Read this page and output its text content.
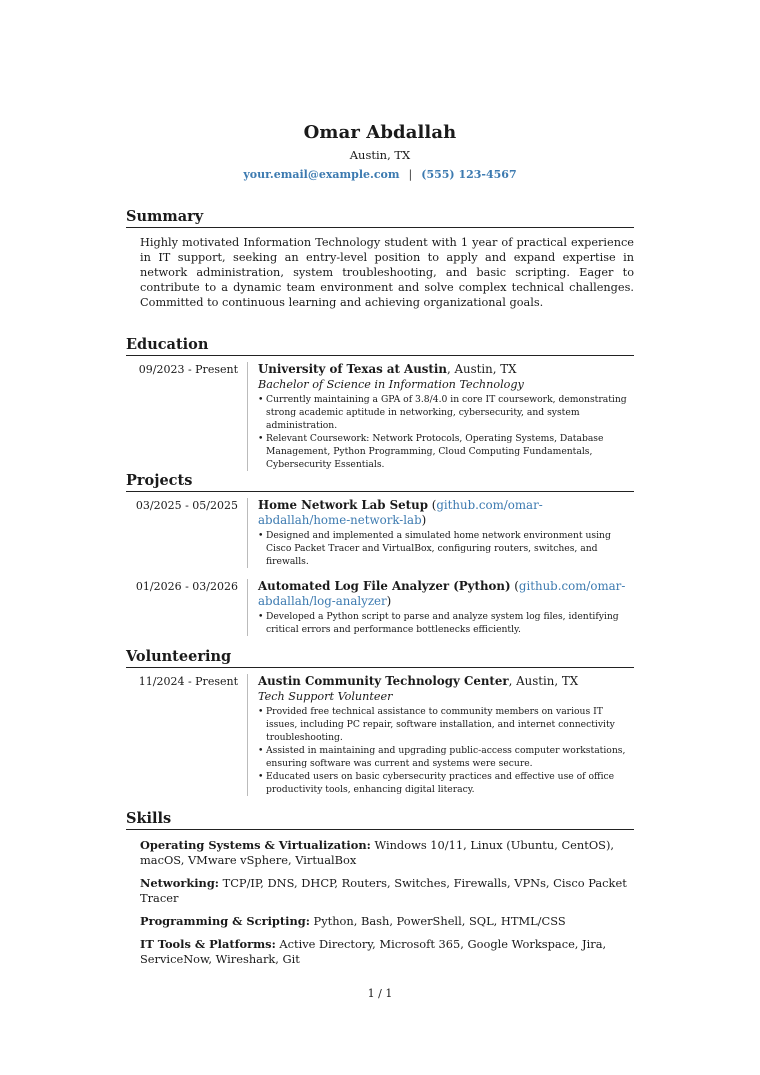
Omar Abdallah
Austin, TX
your.email@example.com | (555) 123-4567
Summary

Highly motivated Information Technology student with 1 year of practical experience in IT support, seeking an entry-level position to apply and expand expertise in network administration, system troubleshooting, and basic scripting. Eager to contribute to a dynamic team environment and solve complex technical challenges. Committed to continuous learning and achieving organizational goals.

Education
09/2023 - Present	University of Texas at Austin, Austin, TX
Bachelor of Science in Information Technology
• Currently maintaining a GPA of 3.8/4.0 in core IT coursework, demonstrating strong academic aptitude in networking, cybersecurity, and system administration.
• Relevant Coursework: Network Protocols, Operating Systems, Database Management, Python Programming, Cloud Computing Fundamentals, Cybersecurity Essentials.
Projects
03/2025 - 05/2025	Home Network Lab Setup (github.com/omar-abdallah/home-network-lab)
• Designed and implemented a simulated home network environment using Cisco Packet Tracer and VirtualBox, configuring routers, switches, and firewalls.
01/2026 - 03/2026	Automated Log File Analyzer (Python) (github.com/omar-abdallah/log-analyzer)
• Developed a Python script to parse and analyze system log files, identifying critical errors and performance bottlenecks efficiently.
Volunteering
11/2024 - Present	Austin Community Technology Center, Austin, TX
Tech Support Volunteer
• Provided free technical assistance to community members on various IT issues, including PC repair, software installation, and internet connectivity troubleshooting.
• Assisted in maintaining and upgrading public-access computer workstations, ensuring software was current and systems were secure.
• Educated users on basic cybersecurity practices and effective use of office productivity tools, enhancing digital literacy.
Skills
Operating Systems & Virtualization: Windows 10/11, Linux (Ubuntu, CentOS), macOS, VMware vSphere, VirtualBox
Networking: TCP/IP, DNS, DHCP, Routers, Switches, Firewalls, VPNs, Cisco Packet Tracer
Programming & Scripting: Python, Bash, PowerShell, SQL, HTML/CSS
IT Tools & Platforms: Active Directory, Microsoft 365, Google Workspace, Jira, ServiceNow, Wireshark, Git
1 / 1
